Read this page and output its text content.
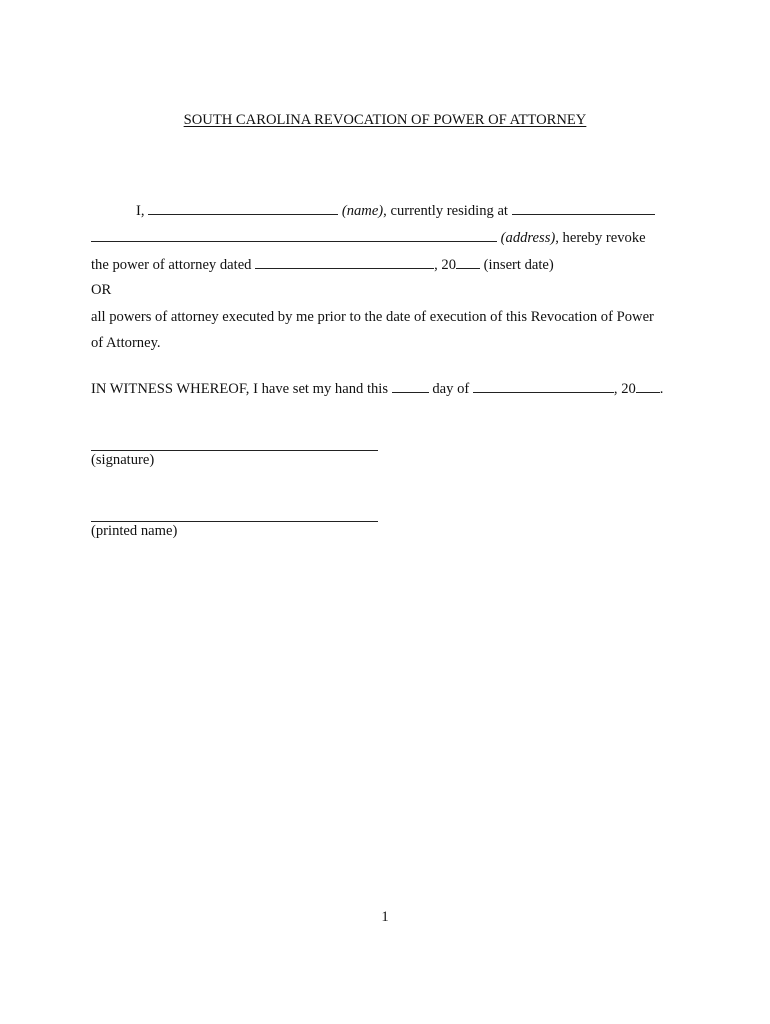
SOUTH CAROLINA REVOCATION OF POWER OF ATTORNEY
I,	(name), currently residing at
(address), hereby revoke
the power of attorney dated	, 20 (insert date)
OR
all powers of attorney executed by me prior to the date of execution of this Revocation of Power
of Attorney.
IN WITNESS WHEREOF, I have set my hand this	day of	, 20 .
(signature)
(printed name)
1
